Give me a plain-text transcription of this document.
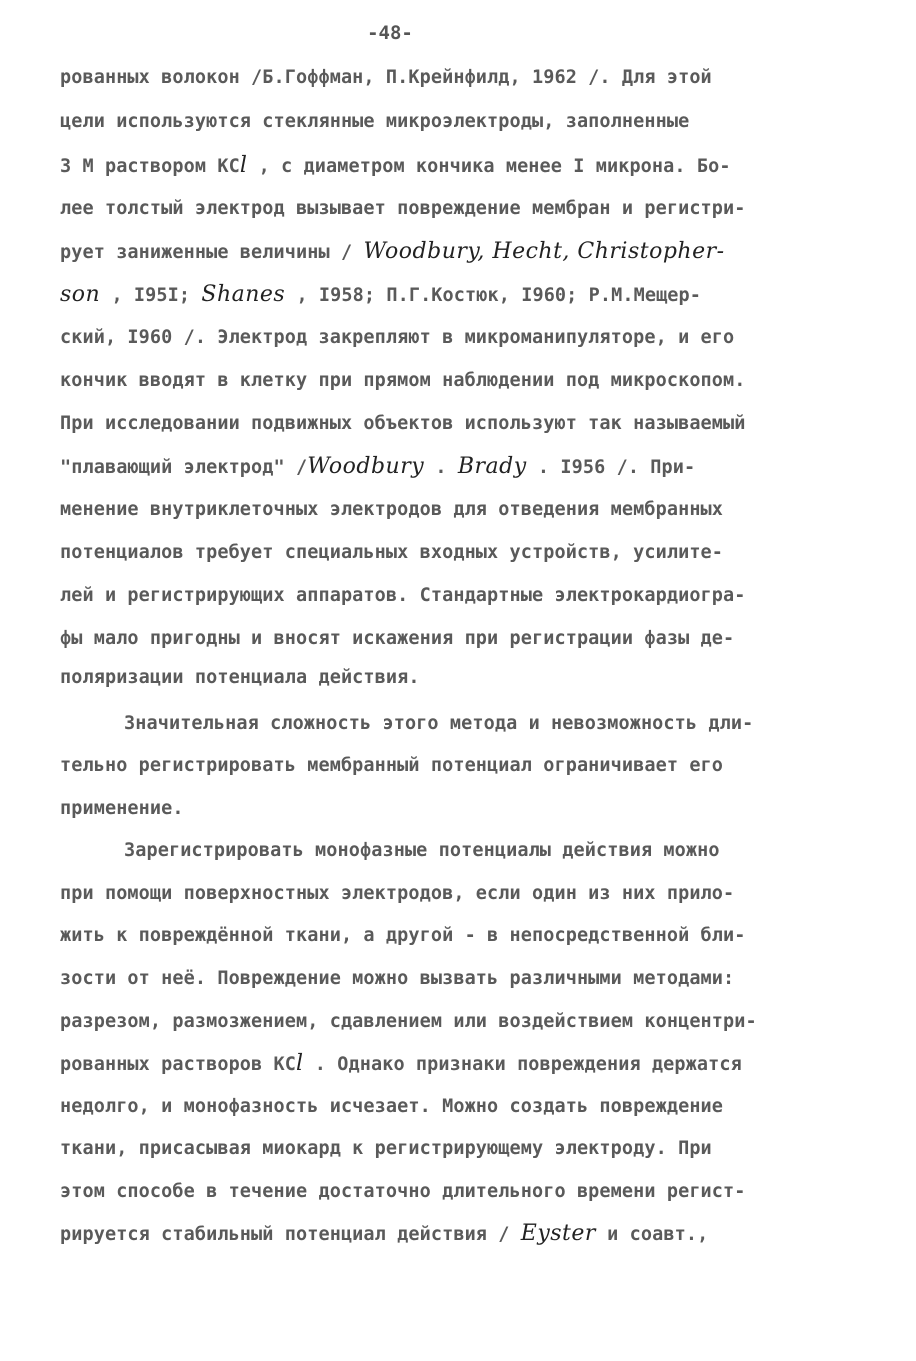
-48-
рованных волокон /Б.Гоффман, П.Крейнфилд, 1962 /. Для этой
цели используются стеклянные микроэлектроды, заполненные
3 М раствором KCl , с диаметром кончика менее I микрона. Бо-
лее толстый электрод вызывает повреждение мембран и регистри-
рует заниженные величины / Woodbury, Hecht, Christopher-
son , I95I; Shanes , I958; П.Г.Костюк, I960; Р.М.Мещер-
ский, I960 /. Электрод закрепляют в микроманипуляторе, и его
кончик вводят в клетку при прямом наблюдении под микроскопом.
При исследовании подвижных объектов используют так называемый
"плавающий электрод" /Woodbury . Brady . I956 /. При-
менение внутриклеточных электродов для отведения мембранных
потенциалов требует специальных входных устройств, усилите-
лей и регистрирующих аппаратов. Стандартные электрокардиогра-
фы мало пригодны и вносят искажения при регистрации фазы де-
поляризации потенциала действия.
Значительная сложность этого метода и невозможность дли-
тельно регистрировать мембранный потенциал ограничивает его
применение.
Зарегистрировать монофазные потенциалы действия можно
при помощи поверхностных электродов, если один из них прило-
жить к повреждённой ткани, а другой - в непосредственной бли-
зости от неё. Повреждение можно вызвать различными методами:
разрезом, размозжением, сдавлением или воздействием концентри-
рованных растворов KCl . Однако признаки повреждения держатся
недолго, и монофазность исчезает. Можно создать повреждение
ткани, присасывая миокард к регистрирующему электроду. При
этом способе в течение достаточно длительного времени регист-
рируется стабильный потенциал действия / Eyster и соавт.,
